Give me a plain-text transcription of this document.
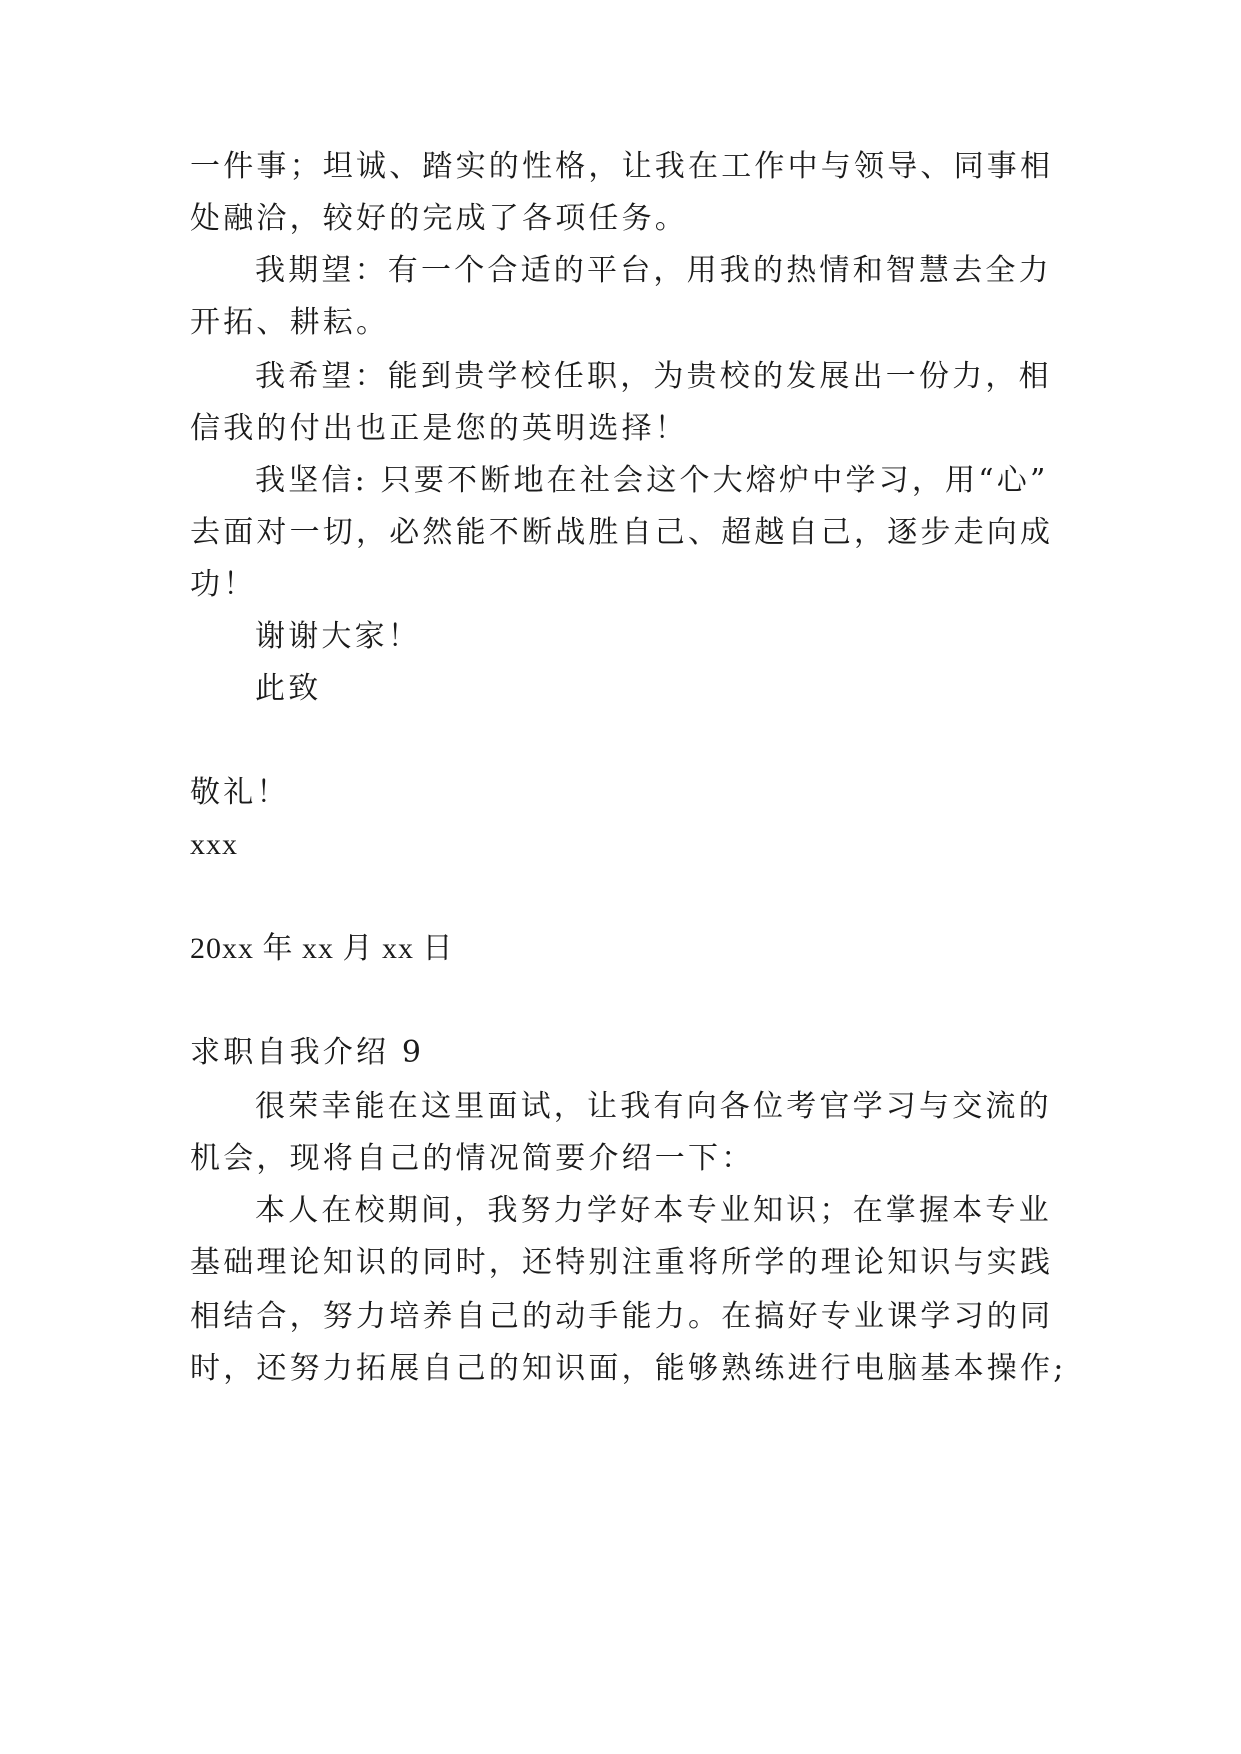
一件事；坦诚、踏实的性格，让我在工作中与领导、同事相
处融洽，较好的完成了各项任务。
我期望：有一个合适的平台，用我的热情和智慧去全力
开拓、耕耘。
我希望：能到贵学校任职，为贵校的发展出一份力，相
信我的付出也正是您的英明选择！
我坚信: 只要不断地在社会这个大熔炉中学习，用“心”
去面对一切，必然能不断战胜自己、超越自己，逐步走向成
功！
谢谢大家！
此致
敬礼！
xxx
20xx 年 xx 月 xx 日
求职自我介绍 9
很荣幸能在这里面试，让我有向各位考官学习与交流的
机会，现将自己的情况简要介绍一下：
本人在校期间，我努力学好本专业知识；在掌握本专业
基础理论知识的同时，还特别注重将所学的理论知识与实践
相结合，努力培养自己的动手能力。在搞好专业课学习的同
时，还努力拓展自己的知识面，能够熟练进行电脑基本操作;
